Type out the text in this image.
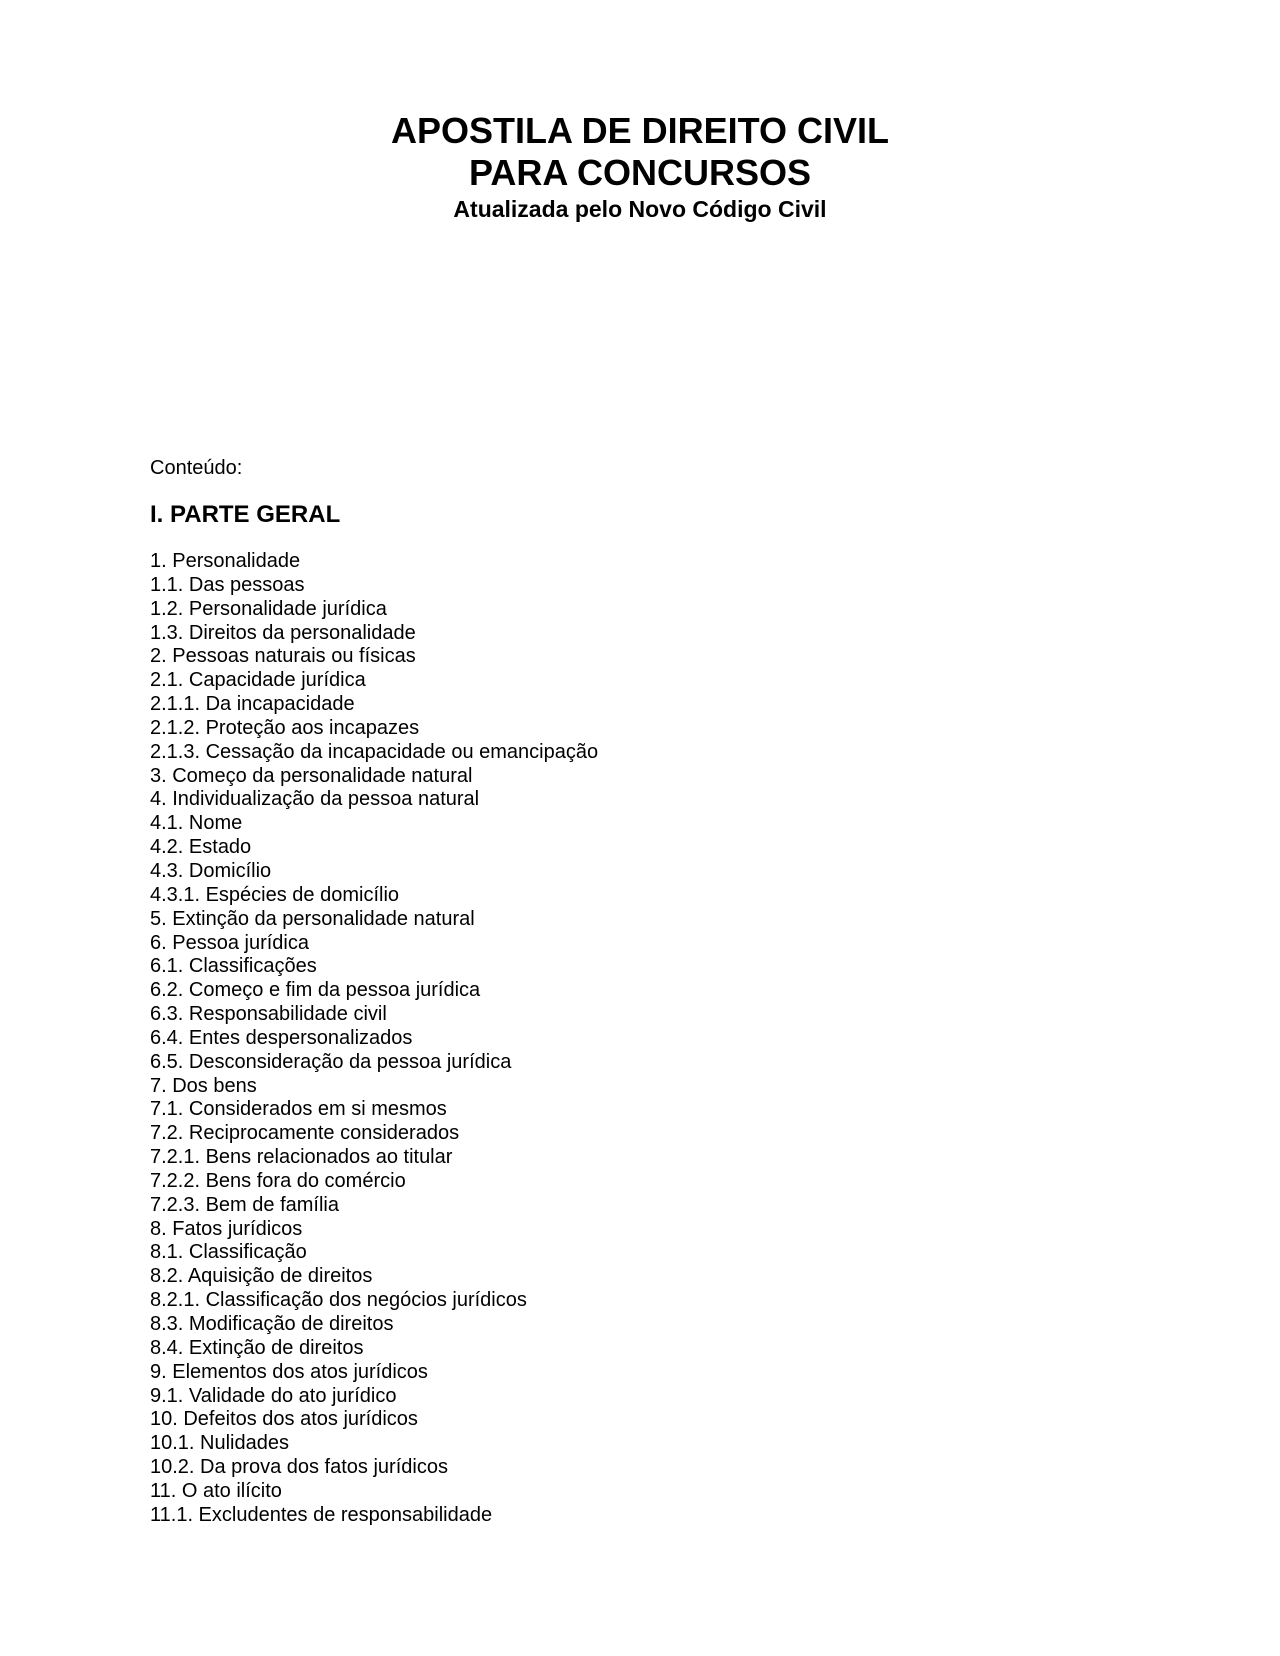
APOSTILA DE DIREITO CIVIL

PARA CONCURSOS

Atualizada pelo Novo Código Civil

Conteúdo:
I. PARTE GERAL
1. Personalidade
1.1. Das pessoas
1.2. Personalidade jurídica
1.3. Direitos da personalidade
2. Pessoas naturais ou físicas
2.1. Capacidade jurídica
2.1.1. Da incapacidade
2.1.2. Proteção aos incapazes
2.1.3. Cessação da incapacidade ou emancipação
3. Começo da personalidade natural
4. Individualização da pessoa natural
4.1. Nome
4.2. Estado
4.3. Domicílio
4.3.1. Espécies de domicílio
5. Extinção da personalidade natural
6. Pessoa jurídica
6.1. Classificações
6.2. Começo e fim da pessoa jurídica
6.3. Responsabilidade civil
6.4. Entes despersonalizados
6.5. Desconsideração da pessoa jurídica
7. Dos bens
7.1. Considerados em si mesmos
7.2. Reciprocamente considerados
7.2.1. Bens relacionados ao titular
7.2.2. Bens fora do comércio
7.2.3. Bem de família
8. Fatos jurídicos
8.1. Classificação
8.2. Aquisição de direitos
8.2.1. Classificação dos negócios jurídicos
8.3. Modificação de direitos
8.4. Extinção de direitos
9. Elementos dos atos jurídicos
9.1. Validade do ato jurídico
10. Defeitos dos atos jurídicos
10.1. Nulidades
10.2. Da prova dos fatos jurídicos
11. O ato ilícito
11.1. Excludentes de responsabilidade
